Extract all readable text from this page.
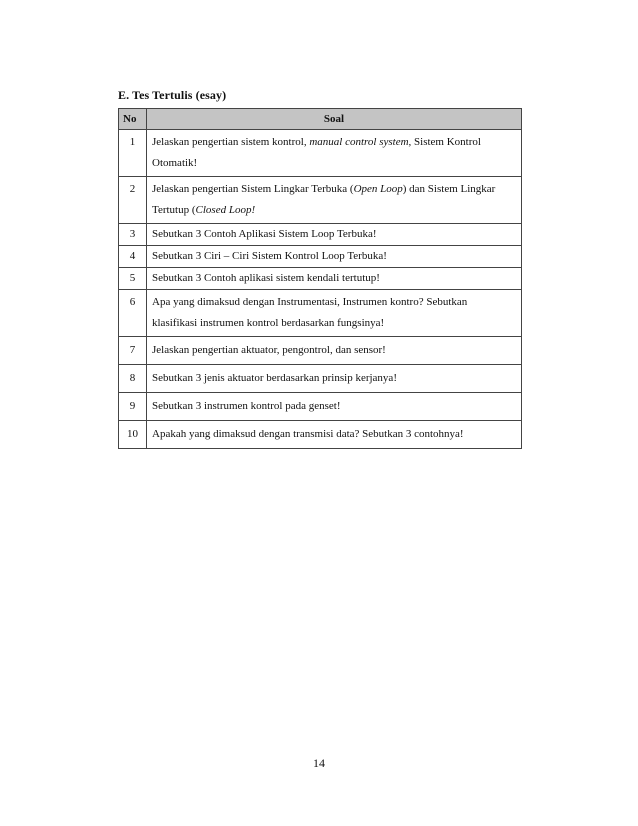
E. Tes Tertulis (esay)
No	Soal
1	Jelaskan pengertian sistem kontrol, manual control system, Sistem Kontrol Otomatik!
2	Jelaskan pengertian Sistem Lingkar Terbuka (Open Loop) dan Sistem Lingkar Tertutup (Closed Loop!
3	Sebutkan 3 Contoh Aplikasi Sistem Loop Terbuka!
4	Sebutkan 3 Ciri – Ciri Sistem Kontrol Loop Terbuka!
5	Sebutkan 3 Contoh aplikasi sistem kendali tertutup!
6	Apa yang dimaksud dengan Instrumentasi, Instrumen kontro? Sebutkan klasifikasi instrumen kontrol berdasarkan fungsinya!
7	Jelaskan pengertian aktuator, pengontrol, dan sensor!
8	Sebutkan 3 jenis aktuator berdasarkan prinsip kerjanya!
9	Sebutkan 3 instrumen kontrol pada genset!
10	Apakah yang dimaksud dengan transmisi data? Sebutkan 3 contohnya!
14
